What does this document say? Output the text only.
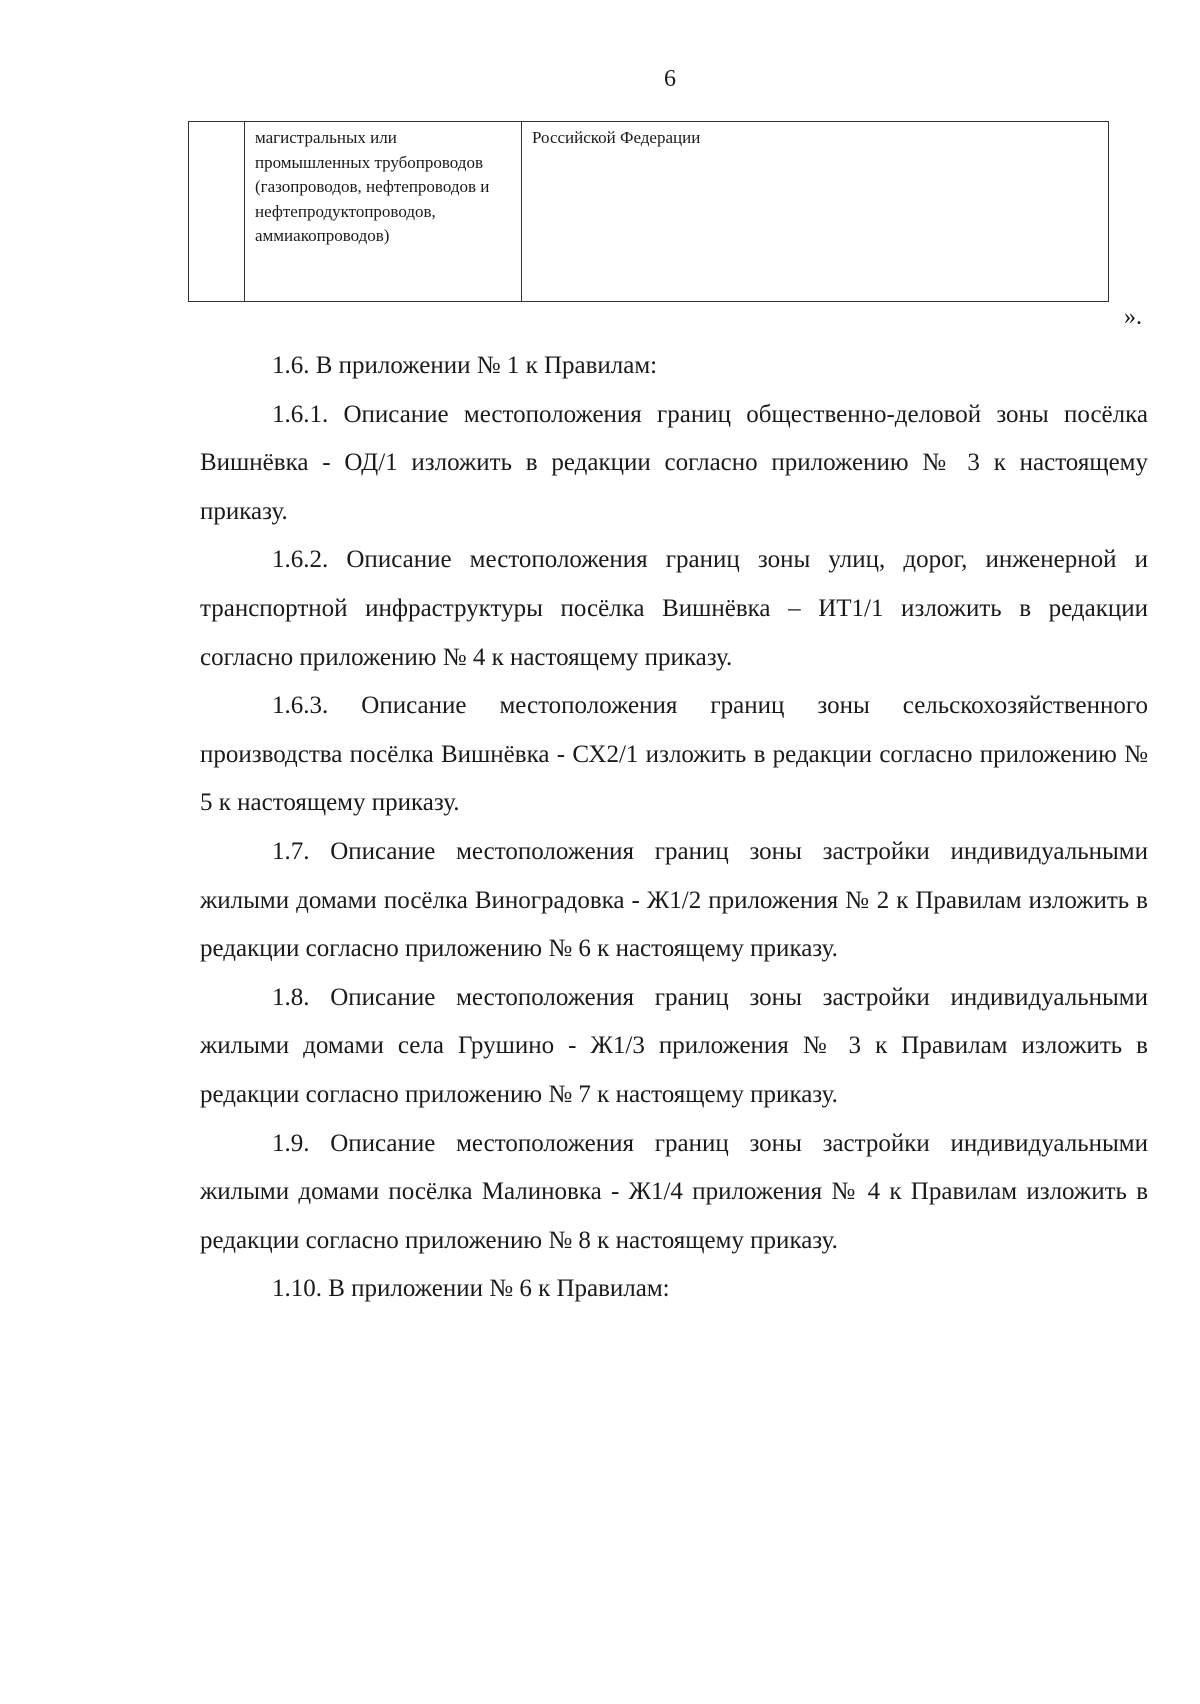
6
	магистральных или промышленных трубопроводов (газопроводов, нефтепроводов и нефтепродуктопроводов, аммиакопроводов)	Российской Федерации
».

1.6. В приложении № 1 к Правилам:

1.6.1. Описание местоположения границ общественно-деловой зоны посёлка Вишнёвка - ОД/1 изложить в редакции согласно приложению № 3 к настоящему приказу.

1.6.2. Описание местоположения границ зоны улиц, дорог, инженерной и транспортной инфраструктуры посёлка Вишнёвка – ИТ1/1 изложить в редакции согласно приложению № 4 к настоящему приказу.

1.6.3. Описание местоположения границ зоны сельскохозяйственного производства посёлка Вишнёвка - СХ2/1 изложить в редакции согласно приложению № 5 к настоящему приказу.

1.7. Описание местоположения границ зоны застройки индивидуальными жилыми домами посёлка Виноградовка - Ж1/2 приложения № 2 к Правилам изложить в редакции согласно приложению № 6 к настоящему приказу.

1.8. Описание местоположения границ зоны застройки индивидуальными жилыми домами села Грушино - Ж1/3 приложения № 3 к Правилам изложить в редакции согласно приложению № 7 к настоящему приказу.

1.9. Описание местоположения границ зоны застройки индивидуальными жилыми домами посёлка Малиновка - Ж1/4 приложения № 4 к Правилам изложить в редакции согласно приложению № 8 к настоящему приказу.

1.10. В приложении № 6 к Правилам:
